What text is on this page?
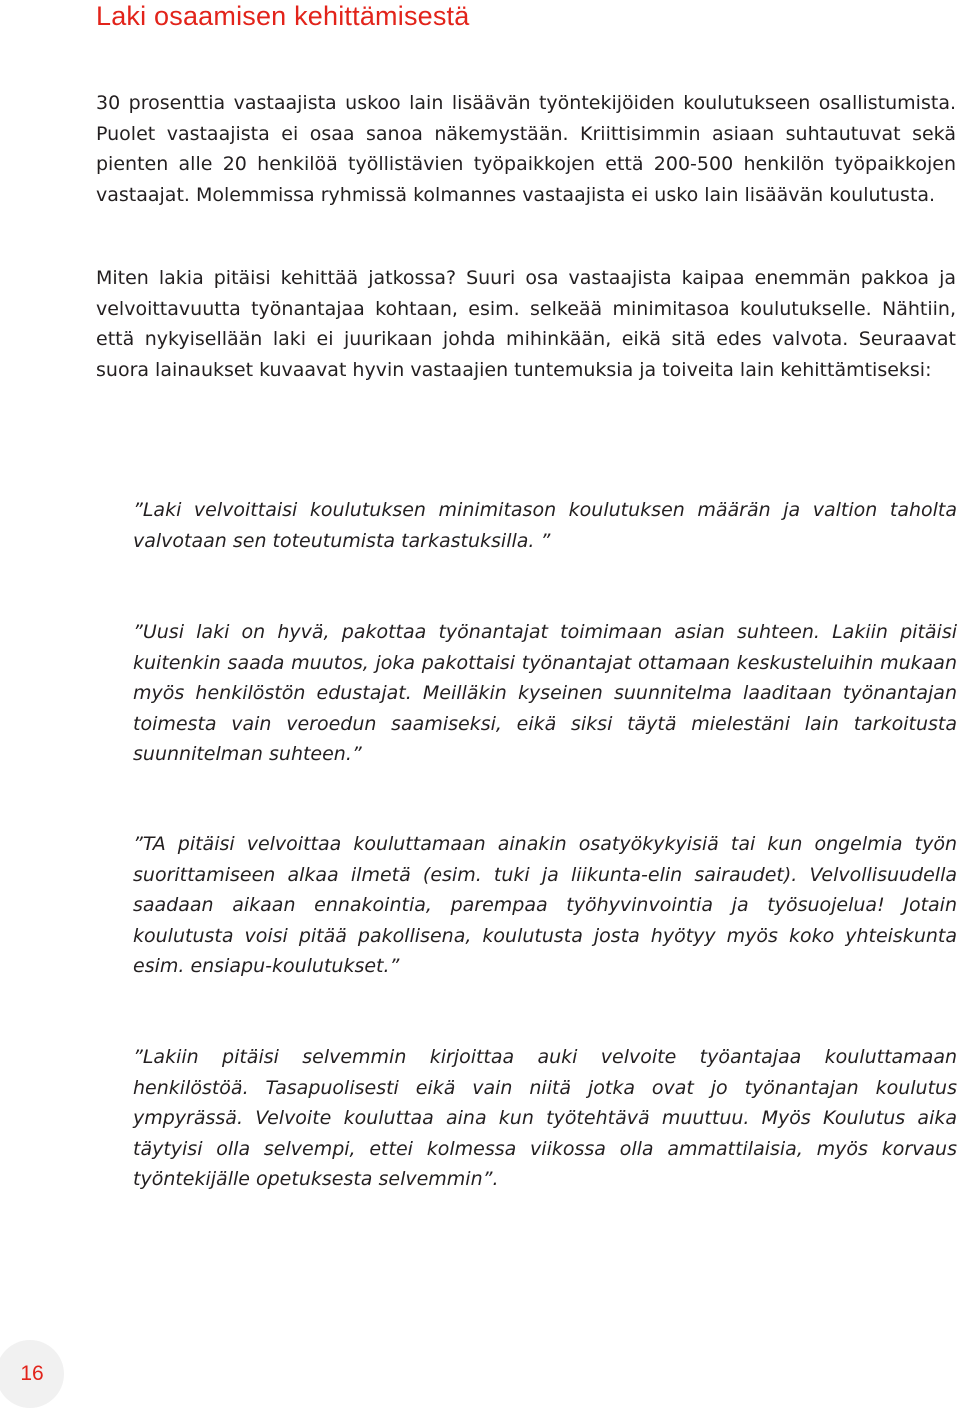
Laki osaamisen kehittämisestä

30 prosenttia vastaajista uskoo lain lisäävän työntekijöiden koulutukseen osallistumista. Puolet vastaajista ei osaa sanoa näkemystään. Kriittisimmin asiaan suhtautuvat sekä pienten alle 20 henkilöä työllistävien työpaikkojen että 200-500 henkilön työpaikkojen vastaajat. Molemmissa ryhmissä kolmannes vastaajista ei usko lain lisäävän koulutusta.

Miten lakia pitäisi kehittää jatkossa? Suuri osa vastaajista kaipaa enemmän pakkoa ja velvoittavuutta työnantajaa kohtaan, esim. selkeää minimitasoa koulutukselle. Nähtiin, että nykyisellään laki ei juurikaan johda mihinkään, eikä sitä edes valvota. Seuraavat suora lainaukset kuvaavat hyvin vastaajien tuntemuksia ja toiveita lain kehittämtiseksi:

”Laki velvoittaisi koulutuksen minimitason koulutuksen määrän ja valtion taholta valvotaan sen toteutumista tarkastuksilla. ”

”Uusi laki on hyvä, pakottaa työnantajat toimimaan asian suhteen. Lakiin pitäisi kuitenkin saada muutos, joka pakottaisi työnantajat ottamaan keskusteluihin mukaan myös henkilöstön edustajat. Meilläkin kyseinen suunnitelma laaditaan työnantajan toimesta vain veroedun saamiseksi, eikä siksi täytä mielestäni lain tarkoitusta suunnitelman suhteen.”

”TA pitäisi velvoittaa kouluttamaan ainakin osatyökykyisiä tai kun ongelmia työn suorittamiseen alkaa ilmetä (esim. tuki ja liikunta-elin sairaudet). Velvollisuudella saadaan aikaan ennakointia, parempaa työhyvinvointia ja työsuojelua! Jotain koulutusta voisi pitää pakollisena, koulutusta josta hyötyy myös koko yhteiskunta esim. ensiapu-koulutukset.”

”Lakiin pitäisi selvemmin kirjoittaa auki velvoite työantajaa kouluttamaan henkilöstöä. Tasapuolisesti eikä vain niitä jotka ovat jo työnantajan koulutus ympyrässä. Velvoite kouluttaa aina kun työtehtävä muuttuu. Myös Koulutus aika täytyisi olla selvempi, ettei kolmessa viikossa olla ammattilaisia, myös korvaus työntekijälle opetuksesta selvemmin”.

16
